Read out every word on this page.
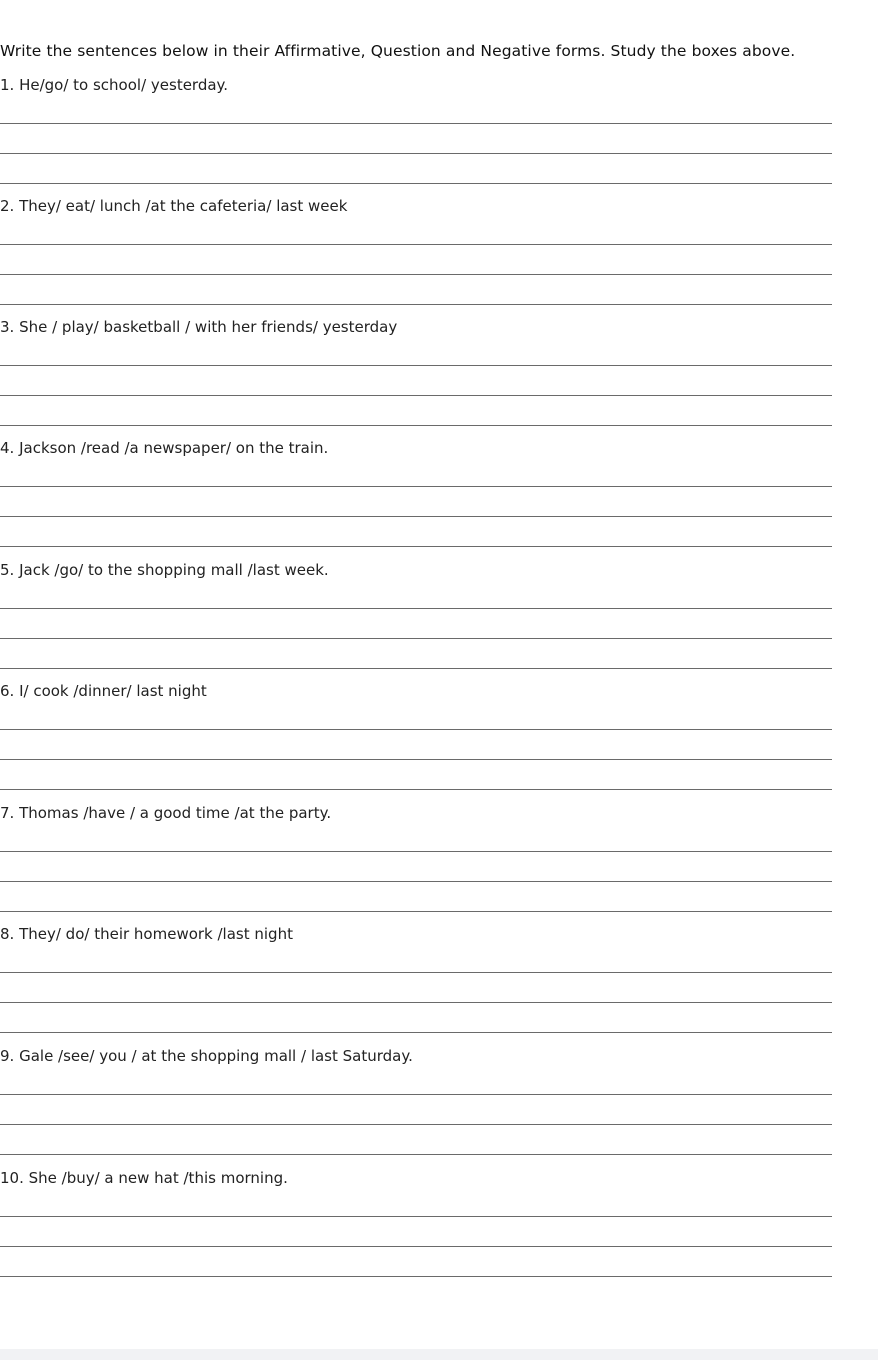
Write the sentences below in their Affirmative, Question and Negative forms. Study the boxes above.
1. He/go/ to school/ yesterday.
2. They/ eat/ lunch /at the cafeteria/ last week
3. She / play/ basketball / with her friends/ yesterday
4. Jackson /read /a newspaper/ on the train.
5. Jack /go/ to the shopping mall /last week.
6. I/ cook /dinner/ last night
7. Thomas /have / a good time /at the party.
8. They/ do/ their homework /last night
9. Gale /see/ you / at the shopping mall / last Saturday.
10. She /buy/ a new hat /this morning.
